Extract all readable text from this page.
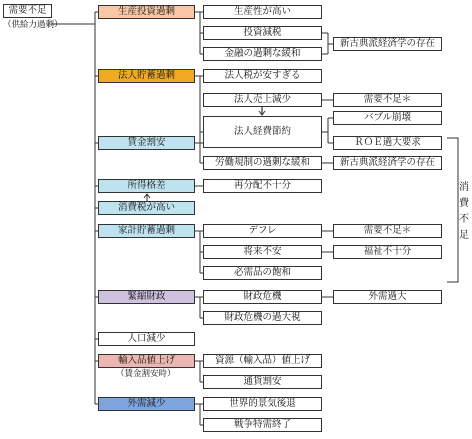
需要不足
（供給力過剰）
生産投資過剰
法人貯蓄過剰
賃金割安
所得格差
消費税が高い
家計貯蓄過剰
緊縮財政
人口減少
輸入品値上げ
（賃金割安時）
外需減少
生産性が高い
投資減税
金融の過剰な緩和
法人税が安すぎる
法人売上減少
法人経費節約
労働規制の過剰な緩和
再分配不十分
デフレ
将来不安
必需品の飽和
財政危機
財政危機の過大視
資源（輸入品）値上げ
通貨割安
世界的景気後退
戦争特需終了
新古典派経済学の存在
需要不足＊
バブル崩壊
ＲＯＥ過大要求
新古典派経済学の存在
需要不足＊
福祉不十分
外需過大
消費不足
